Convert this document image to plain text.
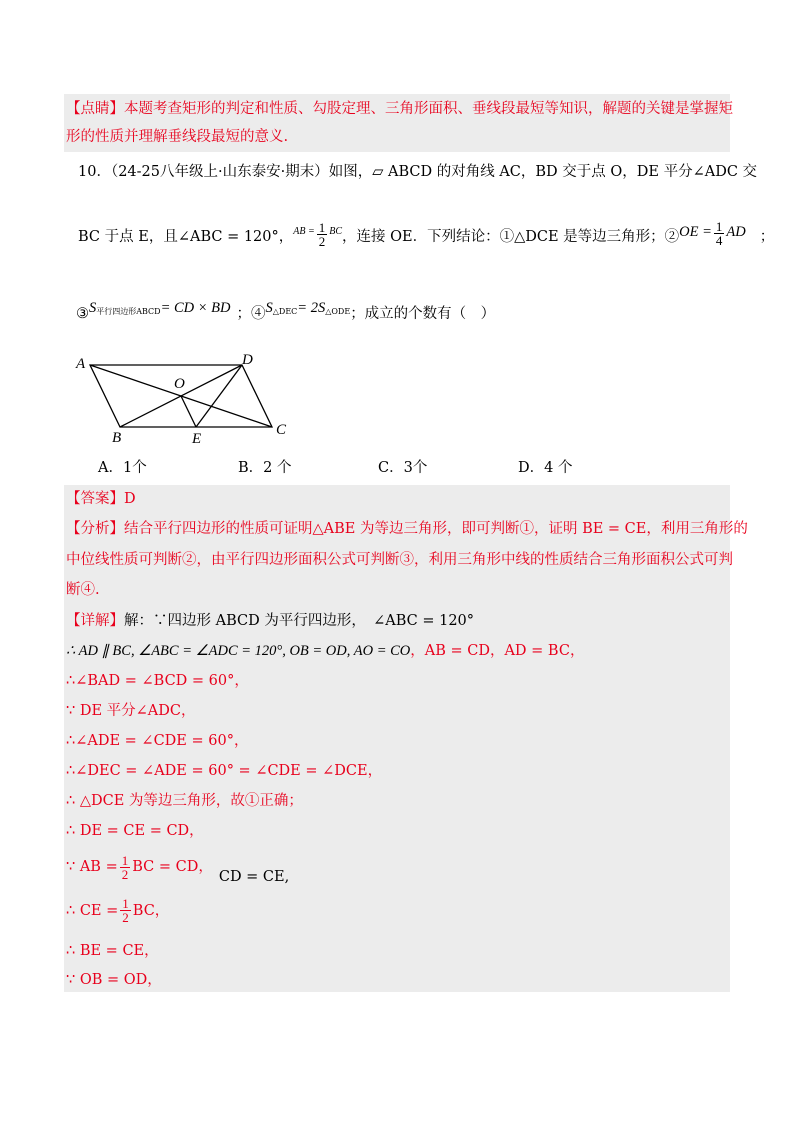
【点睛】本题考查矩形的判定和性质、勾股定理、三角形面积、垂线段最短等知识，解题的关键是掌握矩
形的性质并理解垂线段最短的意义.
10．（24-25八年级上·山东泰安·期末）如图，▱ ABCD 的对角线 AC，BD 交于点 O，DE 平分∠ADC 交
BC 于点 E，且∠ABC = 120°， AB = $\frac{1}{2}$ BC ，连接 OE．下列结论：①△DCE 是等边三角形；② OE = $\frac{1}{4}$ AD ；
③ S 平行四边形ABCD = CD × BD ；④ S △DEC = 2S △ODE ；成立的个数有（　）
A	D
O
B	E
C
A．1个	B．2 个	C．3个	D．4 个
【答案】D
【分析】结合平行四边形的性质可证明△ABE 为等边三角形，即可判断①，证明 BE = CE，利用三角形的
中位线性质可判断②，由平行四边形面积公式可判断③，利用三角形中线的性质结合三角形面积公式可判
断④.
【详解】解：∵四边形 ABCD 为平行四边形，　∠ABC = 120°
∴ AD ∥ BC, ∠ABC = ∠ADC = 120°, OB = OD, AO = CO，AB = CD，AD = BC，
∴∠BAD = ∠BCD = 60°，
∵ DE 平分∠ADC，
∴∠ADE = ∠CDE = 60°，
∴∠DEC = ∠ADE = 60° = ∠CDE = ∠DCE，
∴ △DCE 为等边三角形，故①正确；
∴ DE = CE = CD，
∵ AB = $\frac{1}{2}$ BC = CD，
CD = CE,
∴ CE = $\frac{1}{2}$ BC，
∴ BE = CE，
∵ OB = OD，
